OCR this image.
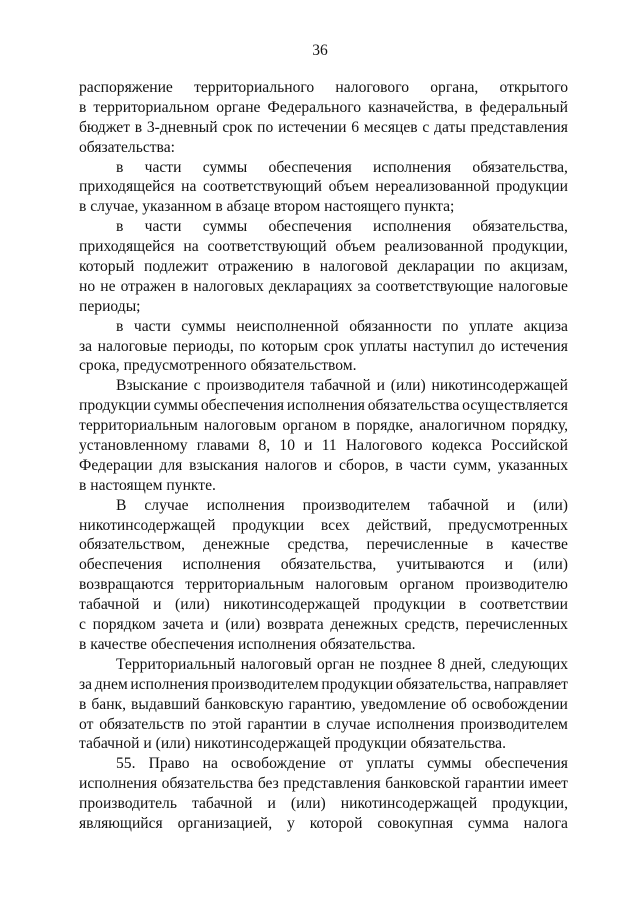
36
распоряжение территориального налогового органа, открытого
в территориальном органе Федерального казначейства, в федеральный
бюджет в 3-дневный срок по истечении 6 месяцев с даты представления
обязательства:
в части суммы обеспечения исполнения обязательства,
приходящейся на соответствующий объем нереализованной продукции
в случае, указанном в абзаце втором настоящего пункта;
в части суммы обеспечения исполнения обязательства,
приходящейся на соответствующий объем реализованной продукции,
который подлежит отражению в налоговой декларации по акцизам,
но не отражен в налоговых декларациях за соответствующие налоговые
периоды;
в части суммы неисполненной обязанности по уплате акциза
за налоговые периоды, по которым срок уплаты наступил до истечения
срока, предусмотренного обязательством.
Взыскание с производителя табачной и (или) никотинсодержащей
продукции суммы обеспечения исполнения обязательства осуществляется
территориальным налоговым органом в порядке, аналогичном порядку,
установленному главами 8, 10 и 11 Налогового кодекса Российской
Федерации для взыскания налогов и сборов, в части сумм, указанных
в настоящем пункте.
В случае исполнения производителем табачной и (или)
никотинсодержащей продукции всех действий, предусмотренных
обязательством, денежные средства, перечисленные в качестве
обеспечения исполнения обязательства, учитываются и (или)
возвращаются территориальным налоговым органом производителю
табачной и (или) никотинсодержащей продукции в соответствии
с порядком зачета и (или) возврата денежных средств, перечисленных
в качестве обеспечения исполнения обязательства.
Территориальный налоговый орган не позднее 8 дней, следующих
за днем исполнения производителем продукции обязательства, направляет
в банк, выдавший банковскую гарантию, уведомление об освобождении
от обязательств по этой гарантии в случае исполнения производителем
табачной и (или) никотинсодержащей продукции обязательства.
55. Право на освобождение от уплаты суммы обеспечения
исполнения обязательства без представления банковской гарантии имеет
производитель табачной и (или) никотинсодержащей продукции,
являющийся организацией, у которой совокупная сумма налога
